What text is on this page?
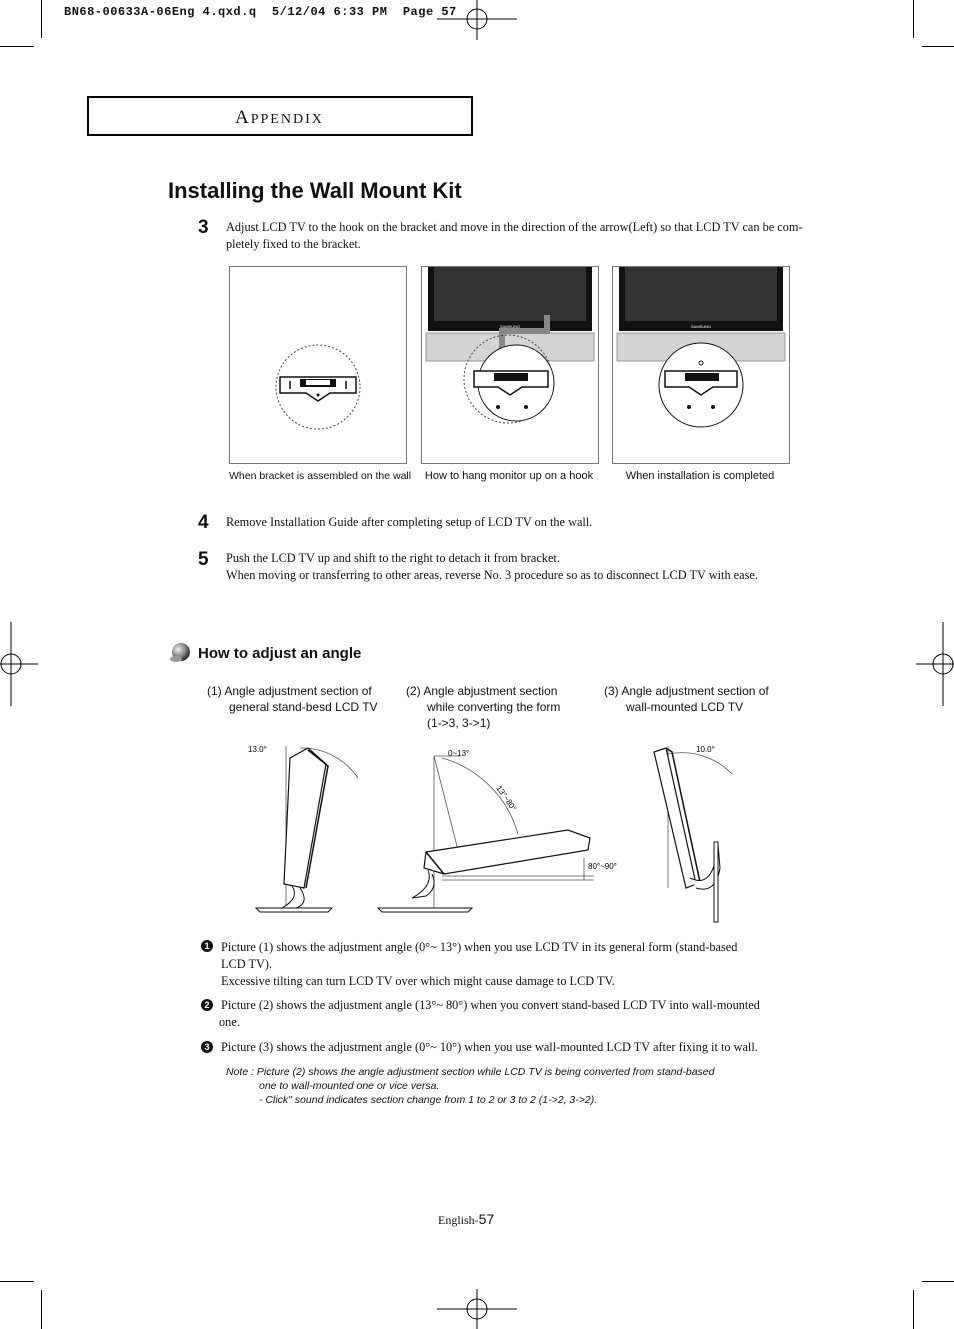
BN68-00633A-06Eng 4.qxd.q  5/12/04 6:33 PM  Page 57
APPENDIX
Installing the Wall Mount Kit
3 Adjust LCD TV to the hook on the bracket and move in the direction of the arrow(Left) so that LCD TV can be com-
pletely fixed to the bracket.
SAMSUNG	SAMSUNG
When bracket is assembled on the wall	How to hang monitor up on a hook	When installation is completed
4 Remove Installation Guide after completing setup of LCD TV on the wall.
5 Push the LCD TV up and shift to the right to detach it from bracket.
When moving or transferring to other areas, reverse No. 3 procedure so as to disconnect LCD TV with ease.
How to adjust an angle
(1) Angle adjustment section of
general stand-besd LCD TV
(2) Angle abjustment section
while converting the form
(1->3, 3->1)
(3) Angle adjustment section of
wall-mounted LCD TV
13.0°	0~13°
13°~80°
80°~90°
10.0°
1 Picture (1) shows the adjustment angle (0°~ 13°) when you use LCD TV in its general form (stand-based
LCD TV).
Excessive tilting can turn LCD TV over which might cause damage to LCD TV.
2 Picture (2) shows the adjustment angle (13°~ 80°) when you convert stand-based LCD TV into wall-mounted
one.
3 Picture (3) shows the adjustment angle (0°~ 10°) when you use wall-mounted LCD TV after fixing it to wall.
Note : Picture (2) shows the angle adjustment section while LCD TV is being converted from stand-based
one to wall-mounted one or vice versa.
- Click" sound indicates section change from 1 to 2 or 3 to 2 (1->2, 3->2).
English-57
